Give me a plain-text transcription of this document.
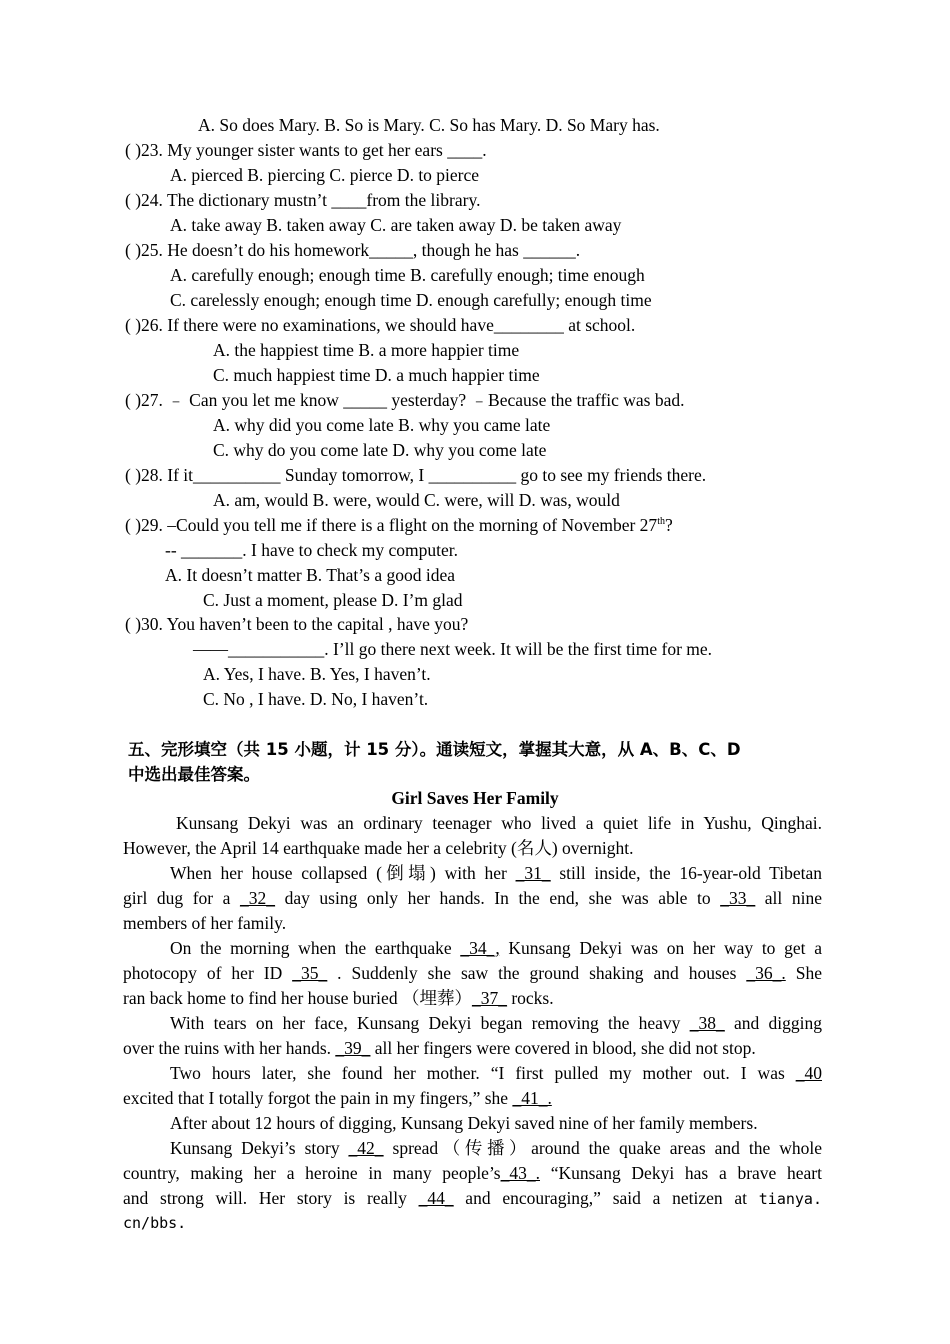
A. So does Mary. B. So is Mary. C. So has Mary. D. So Mary has.
( )23. My younger sister wants to get her ears ____.
A. pierced B. piercing C. pierce D. to pierce
( )24. The dictionary mustn’t ____from the library.
A. take away B. taken away C. are taken away D. be taken away
( )25. He doesn’t do his homework_____, though he has ______.
A. carefully enough; enough time B. carefully enough; time enough
C. carelessly enough; enough time D. enough carefully; enough time
( )26. If there were no examinations, we should have________ at school.
A. the happiest time B. a more happier time
C. much happiest time D. a much happier time
( )27. ﹣ Can you let me know _____ yesterday? ﹣Because the traffic was bad.
A. why did you come late B. why you came late
C. why do you come late D. why you come late
( )28. If it__________ Sunday tomorrow, I __________ go to see my friends there.
A. am, would B. were, would C. were, will D. was, would
( )29. –Could you tell me if there is a flight on the morning of November 27th?
-- _______. I have to check my computer.
A. It doesn’t matter B. That’s a good idea
C. Just a moment, please D. I’m glad
( )30. You haven’t been to the capital , have you?
——___________. I’ll go there next week. It will be the first time for me.
A. Yes, I have. B. Yes, I haven’t.
C. No , I have. D. No, I haven’t.
五、完形填空（共 15 小题，计 15 分）。通读短文，掌握其大意，从 A、B、C、D
中选出最佳答案。
Girl Saves Her Family
Kunsang Dekyi was an ordinary teenager who lived a quiet life in Yushu, Qinghai.
However, the April 14 earthquake made her a celebrity (名人) overnight.
When her house collapsed (倒塌) with her _31_ still inside, the 16-year-old Tibetan
girl dug for a _32_ day using only her hands. In the end, she was able to _33_ all nine
members of her family.
On the morning when the earthquake _34_, Kunsang Dekyi was on her way to get a
photocopy of her ID _35_ . Suddenly she saw the ground shaking and houses _36_. She
ran back home to find her house buried （埋葬）_37_ rocks.
With tears on her face, Kunsang Dekyi began removing the heavy _38_ and digging
over the ruins with her hands. _39_ all her fingers were covered in blood, she did not stop.
Two hours later, she found her mother. “I first pulled my mother out. I was _40
excited that I totally forgot the pain in my fingers,” she _41_.
After about 12 hours of digging, Kunsang Dekyi saved nine of her family members.
Kunsang Dekyi’s story _42_ spread（传播）around the quake areas and the whole
country, making her a heroine in many people’s_43_. “Kunsang Dekyi has a brave heart
and strong will. Her story is really _44_ and encouraging,” said a netizen at tianya.
cn/bbs.
